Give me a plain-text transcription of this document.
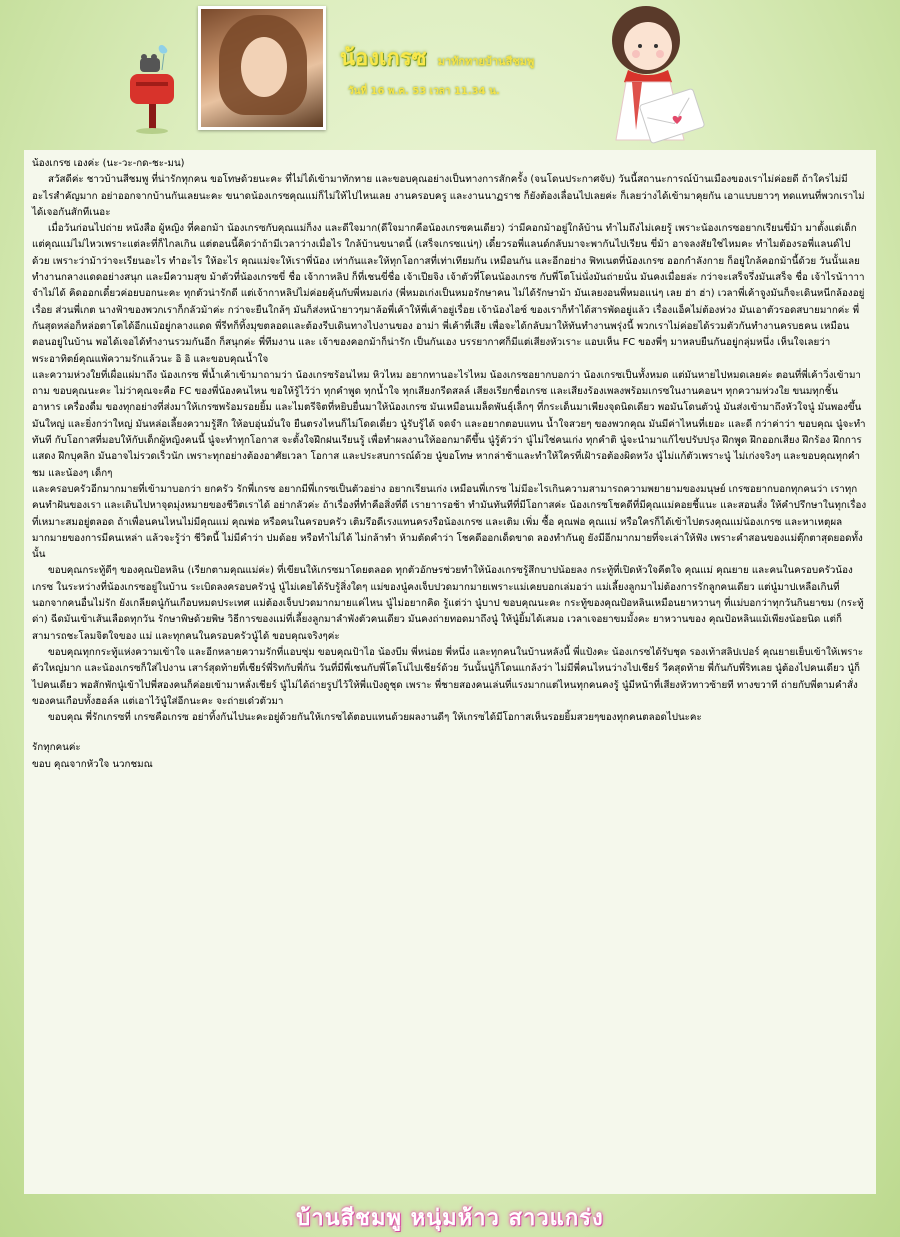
น้องเกรซ มาทักทายบ้านสีชมพู
วันที่ 16 พ.ค. 53 เวลา 11.34 น.

น้องเกรซ เองค่ะ (นะ-วะ-กด-ชะ-มน)

สวัสดีค่ะ ชาวบ้านสีชมพู ที่น่ารักทุกคน ขอโทษด้วยนะคะ ที่ไม่ได้เข้ามาทักทาย และขอบคุณอย่างเป็นทางการสักครั้ง (จนโดนประกาศจับ) วันนี้สถานะการณ์บ้านเมืองของเราไม่ค่อยดี ถ้าใครไม่มีอะไรสำคัญมาก อย่าออกจากบ้านกันเลยนะคะ ขนาดน้องเกรซคุณแม่ก็ไม่ให้ไปไหนเลย งานครอบครู และงานนาฏราช ก็ยังต้องเลื่อนไปเลยค่ะ ก็เลยว่างได้เข้ามาคุยกัน เอาแบบยาวๆ ทดแทนที่พวกเราไม่ได้เจอกันสักทีเนอะ

เมื่อวันก่อนไปถ่าย หนังสือ ผู้หญิง ที่คอกม้า น้องเกรซกับคุณแม่ก็งง และดีใจมาก(ดีใจมากคือน้องเกรซคนเดียว) ว่ามีคอกม้าอยู่ใกล้บ้าน ทำไมถึงไม่เคยรู้ เพราะน้องเกรซอยากเรียนขี่ม้า มาตั้งแต่เด็ก แต่คุณแม่ไม่ไหวเพราะแต่ละที่ก็ไกลเกิน แต่ตอนนี้คิดว่าถ้ามีเวลาว่างเมื่อไร ใกล้บ้านขนาดนี้ (เสร็จเกรซแน่ๆ) เดี๋ยวรอพี่แลนด์กลับมาจะพากันไปเรียน ขี่ม้า อาจลงสัยใช่ไหมคะ ทำไมต้องรอพี่แลนด์ไปด้วย เพราะว่าม้าว่าจะเรียนอะไร ทำอะไร ให้อะไร คุณแม่จะให้เราพี่น้อง เท่ากันและให้ทุกโอกาสที่เท่าเทียมกัน เหมือนกัน และอีกอย่าง ฟิทเนตที่น้องเกรซ ออกกำลังกาย ก็อยู่ใกล้คอกม้านี้ด้วย วันนั้นเลยทำงานกลางแดดอย่างสนุก และมีความสุข ม้าตัวที่น้องเกรซขี่ ชื่อ เจ้ากาหลิป ก็ที่เชนขี่ชื่อ เจ้าเปียจิง เจ้าตัวที่โดนน้องเกรซ กับพี่โตโน่นั่งมันถ่ายนั่น มันคงเมื่อยล่ะ กว่าจะเสร็จรึ่งมันเสร็จ ชื่อ เจ้าไรน้าาาา จำไม่ได้ คิดออกเดี๋ยวค่อยบอกนะคะ ทุกตัวน่ารักดี แต่เจ้ากาหลิปไม่ค่อยคุ้นกับพี่หมอเก่ง (พี่หมอเก่งเป็นหมอรักษาคน ไม่ได้รักษาม้า มันเลยงอนพี่หมอแน่ๆ เลย ฮ่า ฮ่า) เวลาพี่เค้าจูงมันก็จะเดินหนีกล้องอยู่เรื่อย ส่วนพี่เกต นางฟ้าของพวกเราก็กลัวม้าค่ะ กว่าจะยืนใกล้ๆ มันก็ส่งหน้ายาวๆมาล้อพี่เค้าให้พี่เค้าอยู่เรื่อย เจ้าน้องไอซ์ ของเราก็ทำได้สารพัดอยู่แล้ว เรื่องแอ็คไม่ต้องห่วง มันเอาตัวรอดสบายมากค่ะ พี่กันสุดหล่อก็หล่อตาโตได้อีกแม้อยู่กลางแดด พี่รีทก็ทิ้งมุขตลอดและต้องรีบเดินทางไปงานของ อาม่า พี่เค้าที่เสีย เพื่อจะได้กลับมาให้ทันทำงานพรุ่งนี้ พวกเราไม่ค่อยได้รวมตัวกันทำงานครบธคน เหมือนตอนอยู่ในบ้าน พอได้เจอได้ทำงานรวมกันอีก ก็สนุกค่ะ พี่ทีมงาน และ เจ้าของคอกม้าก็น่ารัก เป็นกันเอง บรรยากาศก็มีแต่เสียงหัวเราะ แอบเห็น FC ของพี่ๆ มาหลบยืนกันอยู่กลุ่มหนึ่ง เห็นใจเลยว่า พระอาทิตย์คุณแพ้ความรักแล้วนะ อิ อิ และขอบคุณน้ำใจ

และความห่วงใยที่เผื่อแผ่มาถึง น้องเกรซ พี่น้ำเค้าเข้ามาถามว่า น้องเกรซร้อนไหม หิวไหม อยากทานอะไรไหม น้องเกรซอยากบอกว่า น้องเกรซเป็นทั้งหมด แต่มันหายไปหมดเลยค่ะ ตอนที่พี่เค้าวิ่งเข้ามาถาม ขอบคุณนะคะ ไม่ว่าคุณจะคือ FC ของพี่น้องคนไหน ขอให้รู้ไว้ว่า ทุกคำพูด ทุกน้ำใจ ทุกเสียงกรีดสลล์ เสียงเรียกชื่อเกรซ และเสียงร้องเพลงพร้อมเกรซในงานคอนฯ ทุกความห่วงใย ขนมทุกชิ้น อาหาร เครื่องดื่ม ของทุกอย่างที่ส่งมาให้เกรซพร้อมรอยยิ้ม และไมตรีจิตที่หยิบยื่นมาให้น้องเกรซ มันเหมือนเมล็ดพันธุ์เล็กๆ ที่กระเด็นมาเพียงจุดนิดเดียว พอมันโดนตัวนู๋ มันส่งเข้ามาถึงหัวใจนู๋ มันพองขึ้น มันใหญ่ และยิ่งกว่าใหญ่ มันหล่อเลี้ยงความรู้สึก ให้อบอุ่นมั่นใจ ยืนตรงไหนก็ไม่โดดเดี่ยว นู๋รับรู้ได้ จดจำ และอยากตอบแทน น้ำใจสวยๆ ของพวกคุณ มันมีค่าไหนที่เยอะ และดี กว่าค่าว่า ขอบคุณ นู๋จะทำทันที กับโอกาสที่มอบให้กับเด็กผู้หญิงคนนี้ นู๋จะทำทุกโอกาส จะตั้งใจฝึกฝนเรียนรู้ เพื่อทำผลงานให้ออกมาดีขึ้น นู๋รู้ตัวว่า นู๋ไม่ใช่คนเก่ง ทุกคำติ นู๋จะนำมาแก้ไขปรับปรุง ฝึกพูด ฝึกออกเสียง ฝึกร้อง ฝึกการแสดง ฝึกบุคลิก มันอาจไม่รวดเร็วนัก เพราะทุกอย่างต้องอาศัยเวลา โอกาส และประสบการณ์ด้วย นู๋ขอโทษ หากล่าช้าและทำให้ใครที่เฝ้ารอต้องผิดหวัง นู๋ไม่แก้ตัวเพราะนู๋ ไม่เก่งจริงๆ และขอบคุณทุกคำชม และน้องๆ เด็กๆ

และครอบครัวอีกมากมายที่เข้ามาบอกว่า ยกครัว รักพี่เกรซ อยากมีพี่เกรซเป็นตัวอย่าง อยากเรียนเก่ง เหมือนพี่เกรซ ไม่มีอะไรเกินความสามารถความพยายามของมนุษย์ เกรซอยากบอกทุกคนว่า เราทุกคนทำฝันของเรา และเดินไปหาจุดมุ่งหมายของชีวิตเราได้ อย่ากลัวค่ะ ถ้าเรื่องที่ทำคือสิ่งที่ดี เรายาารอช้า ทำมันทันทีที่มีโอกาสค่ะ น้องเกรซโชคดีที่มีคุณแม่คอยชี้แนะ และสอนสั่ง ให้คำปรึกษาในทุกเรื่องที่เหมาะสมอยู่ตลอด ถ้าเพื่อนคนไหนไม่มีคุณแม่ คุณพ่อ หรือคนในครอบครัว เติมรึอดีเรงแทนครงรือน้องเกรซ และเติม เพิ่ม ซื้อ คุณพ่อ คุณแม่ หรือใครก็ได้เข้าไปตรงคุณแม่น้องเกรซ และหาเหตุผลมากมายของการมีคนเหล่า แล้วจะรู้ว่า ชีวิตนี้ ไม่มีคำว่า ปมด้อย หรือทำไม่ได้ ไม่กล้าทำ ห้ามตัดคำว่า โชคดีออกเด็ดขาด ลองทำกันดู ยังมีอีกมากมายที่จะเล่าให้ฟัง เพราะคำสอนของแม่ตุ๊กตาสุดยอดทั้งนั้น

ขอบคุณกระทู้ดีๆ ของคุณป้อหลิน (เรียกตามคุณแม่ค่ะ) ที่เขียนให้เกรซมาโดยตลอด ทุกตัวอักษรช่วยทำให้น้องเกรซรู้สึกบาปน้อยลง กระทู้ที่เปิดหัวใจคีตใจ คุณแม่ คุณยาย และคนในครอบครัวน้องเกรซ ในระหว่างที่น้องเกรซอยู่ในบ้าน ระเบิดลงครอบครัวนู๋ นู๋ไม่เคยได้รับรู้สิ่งใดๆ แม่ของนู๋คงเจ็บปวดมากมายเพราะแม่เคยบอกเล่มอว่า แม่เลี้ยงลูกมาไม่ต้องการรักลูกคนเดียว แต่นู๋มาปเหลือเกินที่นอกจากคนอื่นไม่รัก ยังเกลียดนู๋กันเกือบหมดประเทศ แม่ต้องเจ็บปวดมากมายแค่ไหน นู๋ไม่อยากคิด รู้แต่ว่า นู๋บาป ขอบคุณนะคะ กระทู้ของคุณป้อหลินเหมือนยาหวานๆ ที่แม่บอกว่าทุกวันกินยาขม (กระทู้ด่า) ฉีดมันเข้าเส้นเลือดทุกวัน รักษาพิษด้วยพิษ วิธีการของแม่ที่เลี้ยงลูกมาลำพังตัวคนเดียว มันคงถ่ายทอดมาถึงนู๋ ให้นู๋ยิ้มได้เสมอ เวลาเจอยาขมมั้งคะ ยาหวานของ คุณป้อหลินแม้เพียงน้อยนิด แต่ก็สามารถชะโลมจิตใจของ แม่ และทุกคนในครอบครัวนู๋ได้ ขอบคุณจริงๆค่ะ

ขอบคุณทุกกระทู้แห่งความเข้าใจ และอีกหลายความรักที่แอบซุ่ม ขอบคุณป้าไอ น้องบีม พี่หน่อย พี่หนึ่ง และทุกคนในบ้านหลังนี้ พี่แป้งคะ น้องเกรซได้รับชุด รองเท้าสลิปเปอร์ คุณยายเย็บเข้าให้เพราะตัวใหญ่มาก และน้องเกรซก็ใส่ไปงาน เสาร์สุดท้ายที่เชียร์พี่ริทกับพี่กัน วันที่มีพี่เชนกับพี่โตโน่ไปเชียร์ด้วย วันนั้นนู๋ก็โดนแกล้งว่า ไม่มีพี่คนไหนว่างไปเชียร์ วีคสุดท้าย พี่กันกับพี่ริทเลย นู๋ต้องไปคนเดียว นู๋ก็ไปคนเดียว พอสักพักนู๋เข้าไปพี่สองคนก็ค่อยเข้ามาหลั่งเชียร์ นู๋ไม่ได้ถ่ายรูปไว้ให้พี่แป้งดูชุด เพราะ พี่ชายสองคนเล่นที่แรงมากแต่ไหนทุกคนคงรู้ นู๋มีหน้าที่เสียงหัวทาวซ้ายที ทางขวาที ถ่ายกับพี่ตามคำสั่งของคนเกือบทั้งฮอล์ล แต่เอาไว้นู๋ใส่อีกนะคะ จะถ่ายเด๋วตัวมา

ขอบคุณ พี่รักเกรซที่ เกรซคือเกรซ อย่าทิ้งกันไปนะคะอยู่ด้วยกันให้เกรซได้ตอบแทนด้วยผลงานดีๆ ให้เกรซได้มีโอกาสเห็นรอยยิ้มสวยๆของทุกคนตลอดไปนะคะ

รักทุกคนค่ะ

ขอบ คุณจากหัวใจ นวกชมณ

บ้านสีชมพู หนุ่มห้าว สาวแกร่ง
